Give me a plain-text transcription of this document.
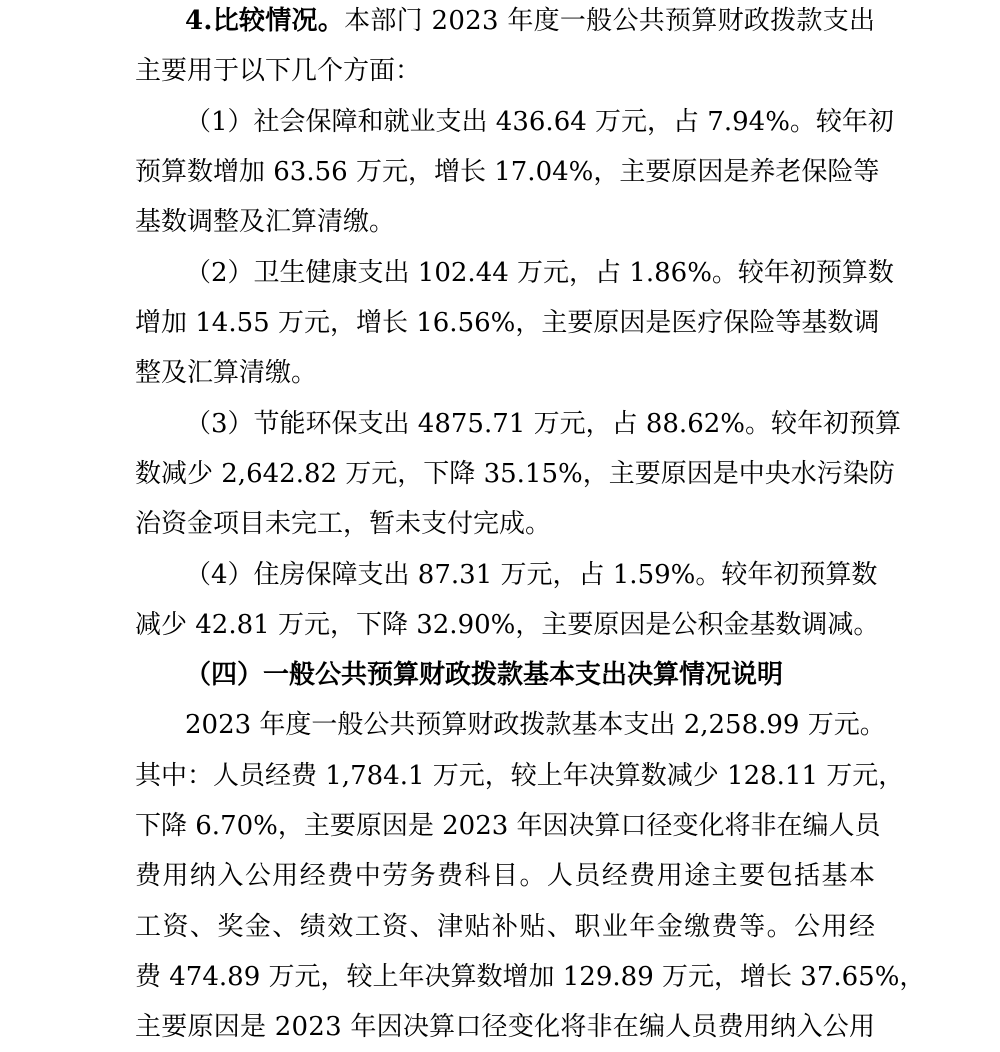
4.比较情况。本部门 2023 年度一般公共预算财政拨款支出
主要用于以下几个方面：
（1）社会保障和就业支出 436.64 万元，占 7.94%。较年初
预算数增加 63.56 万元，增长 17.04%，主要原因是养老保险等
基数调整及汇算清缴。
（2）卫生健康支出 102.44 万元，占 1.86%。较年初预算数
增加 14.55 万元，增长 16.56%，主要原因是医疗保险等基数调
整及汇算清缴。
（3）节能环保支出 4875.71 万元，占 88.62%。较年初预算
数减少 2,642.82 万元，下降 35.15%，主要原因是中央水污染防
治资金项目未完工，暂未支付完成。
（4）住房保障支出 87.31 万元，占 1.59%。较年初预算数
减少 42.81 万元，下降 32.90%，主要原因是公积金基数调减。
（四）一般公共预算财政拨款基本支出决算情况说明
2023 年度一般公共预算财政拨款基本支出 2,258.99 万元。
其中：人员经费 1,784.1 万元，较上年决算数减少 128.11 万元，
下降 6.70%，主要原因是 2023 年因决算口径变化将非在编人员
费用纳入公用经费中劳务费科目。人员经费用途主要包括基本
工资、奖金、绩效工资、津贴补贴、职业年金缴费等。公用经
费 474.89 万元，较上年决算数增加 129.89 万元，增长 37.65%，
主要原因是 2023 年因决算口径变化将非在编人员费用纳入公用
